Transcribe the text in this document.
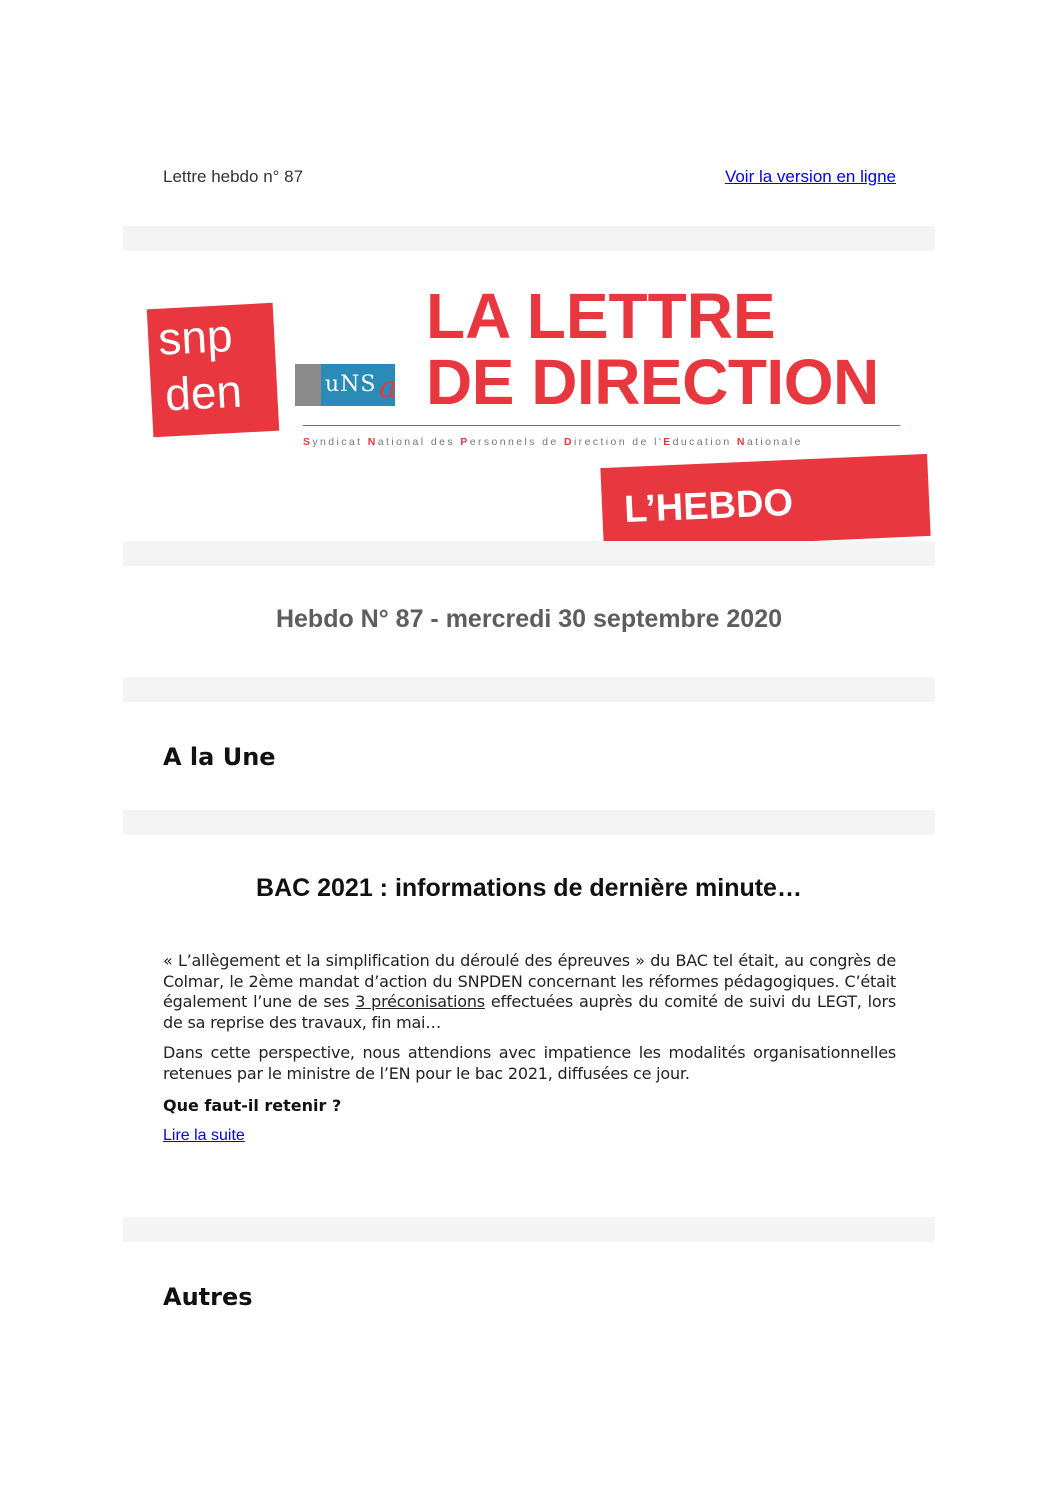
Lettre hebdo n° 87	Voir la version en ligne
snp
den	uNS a
LA LETTRE
DE DIRECTION
Syndicat National des Personnels de Direction de l'Education Nationale
L’HEBDO
Hebdo N° 87 - mercredi 30 septembre 2020
A la Une
BAC 2021 : informations de dernière minute…
« L’allègement et la simplification du déroulé des épreuves » du BAC tel était, au congrès de Colmar, le 2ème mandat d’action du SNPDEN concernant les réformes pédagogiques. C’était également l’une de ses 3 préconisations effectuées auprès du comité de suivi du LEGT, lors de sa reprise des travaux, fin mai…
Dans cette perspective, nous attendions avec impatience les modalités organisationnelles retenues par le ministre de l’EN pour le bac 2021, diffusées ce jour.
Que faut-il retenir ?
Lire la suite
Autres
